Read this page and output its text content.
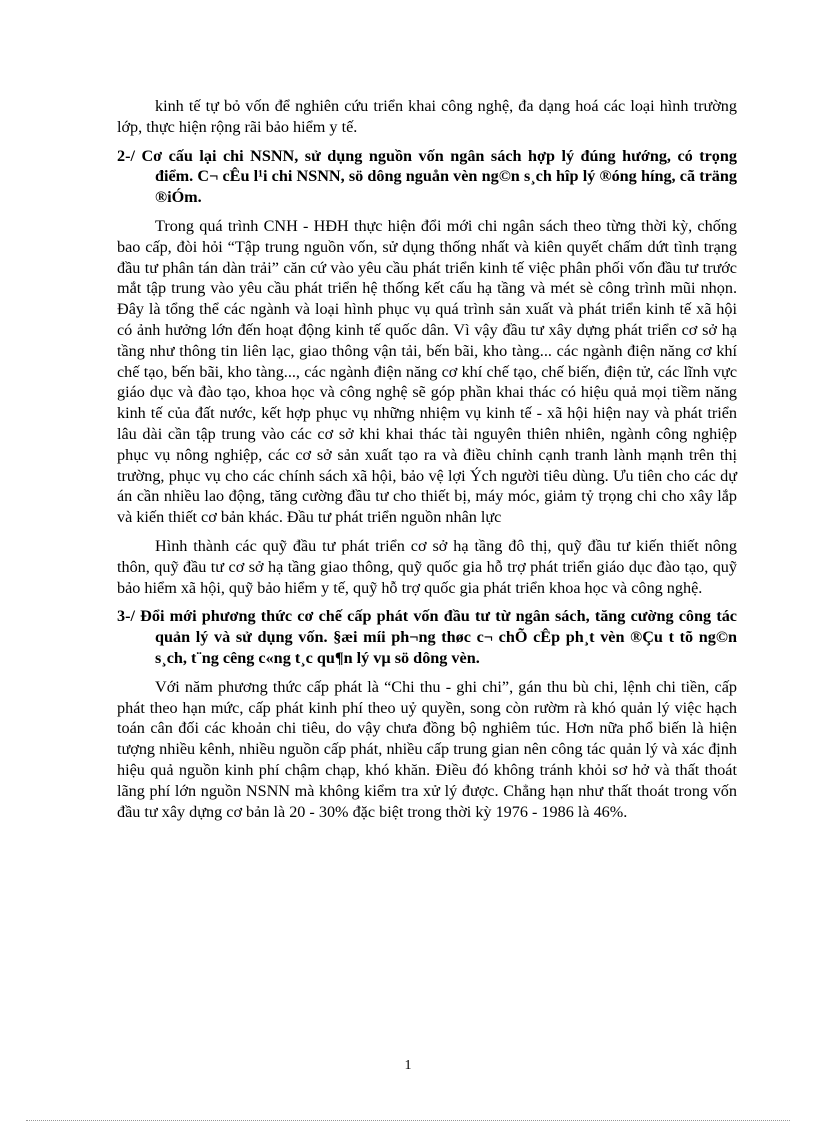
kinh tế tự bỏ vốn để nghiên cứu triển khai công nghệ, đa dạng hoá các loại hình trường lớp, thực hiện rộng rãi bảo hiểm y tế.

2-/ Cơ cấu lại chi NSNN, sử dụng nguồn vốn ngân sách hợp lý đúng hướng, có trọng điểm. C¬ cÊu l¹i chi NSNN, sö dông nguån vèn ng©n s¸ch hîp lý ®óng híng, cã träng ®iÓm.

Trong quá trình CNH - HĐH thực hiện đổi mới chi ngân sách theo từng thời kỳ, chống bao cấp, đòi hỏi “Tập trung nguồn vốn, sử dụng thống nhất và kiên quyết chấm dứt tình trạng đầu tư phân tán dàn trải” căn cứ vào yêu cầu phát triển kinh tế việc phân phối vốn đầu tư trước mắt tập trung vào yêu cầu phát triển hệ thống kết cấu hạ tầng và mét sè công trình mũi nhọn. Đây là tổng thể các ngành và loại hình phục vụ quá trình sản xuất và phát triển kinh tế xã hội có ảnh hưởng lớn đến hoạt động kinh tế quốc dân. Vì vậy đầu tư xây dựng phát triển cơ sở hạ tầng như thông tin liên lạc, giao thông vận tải, bến bãi, kho tàng... các ngành điện năng cơ khí chế tạo, bến bãi, kho tàng..., các ngành điện năng cơ khí chế tạo, chế biến, điện tử, các lĩnh vực giáo dục và đào tạo, khoa học và công nghệ sẽ góp phần khai thác có hiệu quả mọi tiềm năng kinh tế của đất nước, kết hợp phục vụ những nhiệm vụ kinh tế - xã hội hiện nay và phát triển lâu dài cần tập trung vào các cơ sở khi khai thác tài nguyên thiên nhiên, ngành công nghiệp phục vụ nông nghiệp, các cơ sở sản xuất tạo ra và điều chỉnh cạnh tranh lành mạnh trên thị trường, phục vụ cho các chính sách xã hội, bảo vệ lợi Ých người tiêu dùng. Ưu tiên cho các dự án cần nhiều lao động, tăng cường đầu tư cho thiết bị, máy móc, giảm tỷ trọng chi cho xây lắp và kiến thiết cơ bản khác. Đầu tư phát triển nguồn nhân lực

Hình thành các quỹ đầu tư phát triển cơ sở hạ tầng đô thị, quỹ đầu tư kiến thiết nông thôn, quỹ đầu tư cơ sở hạ tầng giao thông, quỹ quốc gia hỗ trợ phát triển giáo dục đào tạo, quỹ bảo hiểm xã hội, quỹ bảo hiểm y tế, quỹ hỗ trợ quốc gia phát triển khoa học và công nghệ.

3-/ Đổi mới phương thức cơ chế cấp phát vốn đầu tư từ ngân sách, tăng cường công tác quản lý và sử dụng vốn. §æi míi ph¬ng thøc c¬ chÕ cÊp ph¸t vèn ®Çu t tõ ng©n s¸ch, t¨ng cêng c«ng t¸c qu¶n lý vµ sö dông vèn.

Với năm phương thức cấp phát là “Chi thu - ghi chi”, gán thu bù chi, lệnh chi tiền, cấp phát theo hạn mức, cấp phát kinh phí theo uỷ quyền, song còn rườm rà khó quản lý việc hạch toán cân đối các khoản chi tiêu, do vậy chưa đồng bộ nghiêm túc. Hơn nữa phổ biến là hiện tượng nhiều kênh, nhiều nguồn cấp phát, nhiều cấp trung gian nên công tác quản lý và xác định hiệu quả nguồn kinh phí chậm chạp, khó khăn. Điều đó không tránh khỏi sơ hở và thất thoát lãng phí lớn nguồn NSNN mà không kiểm tra xử lý được. Chẳng hạn như thất thoát trong vốn đầu tư xây dựng cơ bản là 20 - 30% đặc biệt trong thời kỳ 1976 - 1986 là 46%.

1
